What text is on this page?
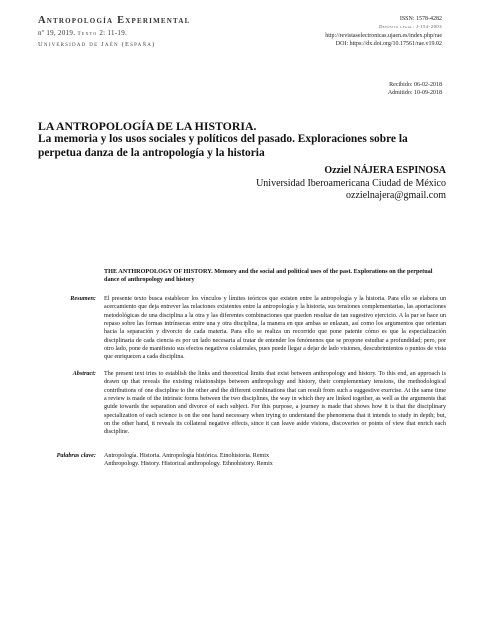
Antropología Experimental
nº 19, 2019. Texto 2: 11-19.
Universidad de Jaén (España)
ISSN: 1578-4282
Depósito legal: J-154-2003
http://revistaselectronicas.ujaen.es/index.php/rae
DOI: https://dx.doi.org/10.17561/rae.v19.02
Recibido: 06-02-2018
Admitido: 10-09-2018
LA ANTROPOLOGÍA DE LA HISTORIA.
La memoria y los usos sociales y políticos del pasado. Exploraciones sobre la perpetua danza de la antropología y la historia
Ozziel NÁJERA ESPINOSA
Universidad Iberoamericana Ciudad de México
ozzielnajera@gmail.com
THE ANTHROPOLOGY OF HISTORY. Memory and the social and political uses of the past. Explorations on the perpetual dance of anthropology and history
Resumen: El presente texto busca establecer los vínculos y límites teóricos que existen entre la antropología y la historia. Para ello se elabora un acercamiento que deja entrever las relaciones existentes entre la antropología y la historia, sus tensiones complementarias, las aportaciones metodológicas de una disciplina a la otra y las diferentes combinaciones que pueden resultar de tan sugestivo ejercicio. A la par se hace un repaso sobre las formas intrínsecas entre una y otra disciplina, la manera en que ambas se enlazan, así como los argumentos que orientan hacia la separación y divorcio de cada materia. Para ello se realiza un recorrido que pone patente cómo es que la especialización disciplinaria de cada ciencia es por un lado necesaria al tratar de entender los fenómenos que se propone estudiar a profundidad; pero, por otro lado, pone de manifiesto sus efectos negativos colaterales, pues puede llegar a dejar de lado visiones, descubrimientos o puntos de vista que enriquecen a cada disciplina.
Abstract: The present text tries to establish the links and theoretical limits that exist between anthropology and history. To this end, an approach is drawn up that reveals the existing relationships between anthropology and history, their complementary tensions, the methodological contributions of one discipline to the other and the different combinations that can result from such a suggestive exercise. At the same time a review is made of the intrinsic forms between the two disciplines, the way in which they are linked together, as well as the arguments that guide towards the separation and divorce of each subject. For this purpose, a journey is made that shows how it is that the disciplinary specialization of each science is on the one hand necessary when trying to understand the phenomena that it intends to study in depth; but, on the other hand, it reveals its collateral negative effects, since it can leave aside visions, discoveries or points of view that enrich each discipline.
Palabras clave: Antropología. Historia. Antropología histórica. Etnohistoria. Remix
Anthropology. History. Historical anthropology. Ethnohistory. Remix
